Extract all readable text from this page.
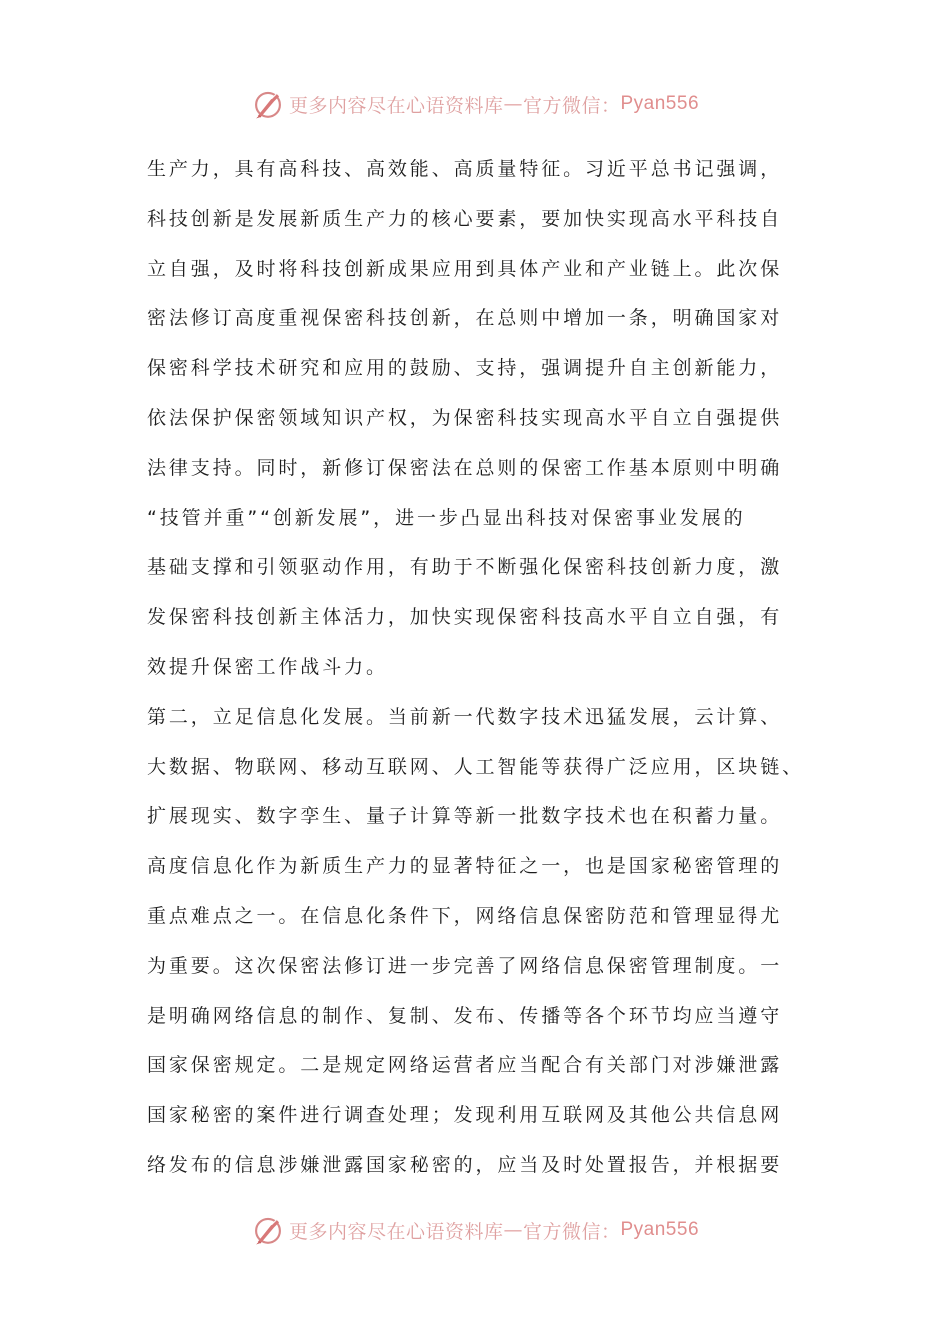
更多内容尽在心语资料库 — 官方微信： Pyan556
生产力，具有高科技、高效能、高质量特征。习近平总书记强调，
科技创新是发展新质生产力的核心要素，要加快实现高水平科技自
立自强，及时将科技创新成果应用到具体产业和产业链上。此次保
密法修订高度重视保密科技创新，在总则中增加一条，明确国家对
保密科学技术研究和应用的鼓励、支持，强调提升自主创新能力，
依法保护保密领域知识产权，为保密科技实现高水平自立自强提供
法律支持。同时，新修订保密法在总则的保密工作基本原则中明确
“技管并重”“创新发展”，进一步凸显出科技对保密事业发展的
基础支撑和引领驱动作用，有助于不断强化保密科技创新力度，激
发保密科技创新主体活力，加快实现保密科技高水平自立自强，有
效提升保密工作战斗力。
第二，立足信息化发展。当前新一代数字技术迅猛发展，云计算、
大数据、物联网、移动互联网、人工智能等获得广泛应用，区块链、
扩展现实、数字孪生、量子计算等新一批数字技术也在积蓄力量。
高度信息化作为新质生产力的显著特征之一，也是国家秘密管理的
重点难点之一。在信息化条件下，网络信息保密防范和管理显得尤
为重要。这次保密法修订进一步完善了网络信息保密管理制度。一
是明确网络信息的制作、复制、发布、传播等各个环节均应当遵守
国家保密规定。二是规定网络运营者应当配合有关部门对涉嫌泄露
国家秘密的案件进行调查处理；发现利用互联网及其他公共信息网
络发布的信息涉嫌泄露国家秘密的，应当及时处置报告，并根据要
更多内容尽在心语资料库 — 官方微信： Pyan556
